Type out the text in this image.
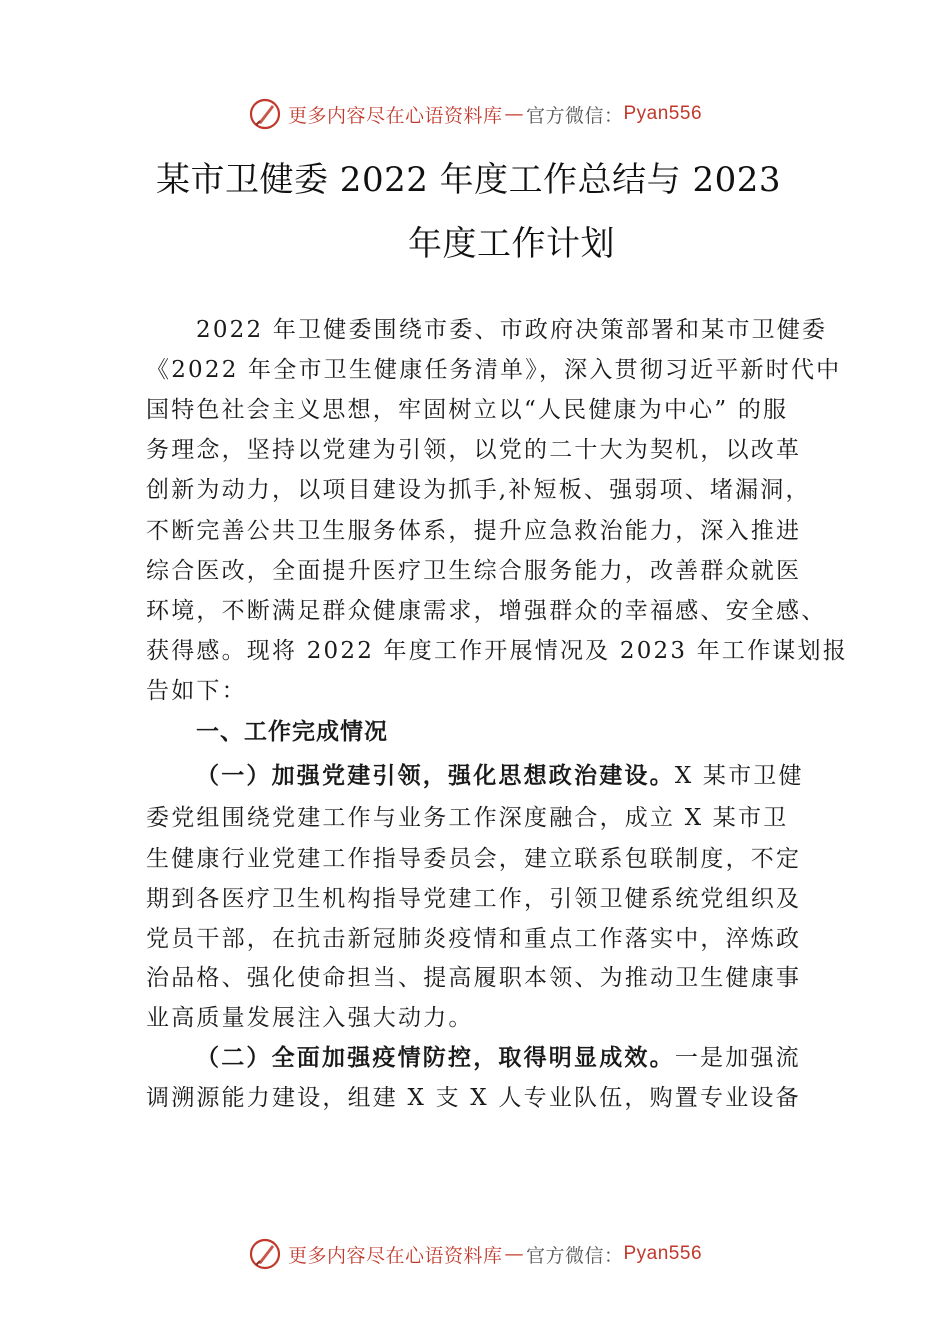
更多内容尽在心语资料库 — 官方微信： Pyan556
某市卫健委 2022 年度工作总结与 2023
年度工作计划
2022 年卫健委围绕市委、市政府决策部署和某市卫健委
《2022 年全市卫生健康任务清单》，深入贯彻习近平新时代中
国特色社会主义思想，牢固树立以“人民健康为中心” 的服
务理念，坚持以党建为引领，以党的二十大为契机，以改革
创新为动力，以项目建设为抓手,补短板、强弱项、堵漏洞，
不断完善公共卫生服务体系，提升应急救治能力，深入推进
综合医改，全面提升医疗卫生综合服务能力，改善群众就医
环境，不断满足群众健康需求，增强群众的幸福感、安全感、
获得感。现将 2022 年度工作开展情况及 2023 年工作谋划报
告如下：
一、工作完成情况
（一）加强党建引领，强化思想政治建设。X 某市卫健
委党组围绕党建工作与业务工作深度融合，成立 X 某市卫
生健康行业党建工作指导委员会，建立联系包联制度，不定
期到各医疗卫生机构指导党建工作，引领卫健系统党组织及
党员干部，在抗击新冠肺炎疫情和重点工作落实中，淬炼政
治品格、强化使命担当、提高履职本领、为推动卫生健康事
业高质量发展注入强大动力。
（二）全面加强疫情防控，取得明显成效。一是加强流
调溯源能力建设，组建 X 支 X 人专业队伍，购置专业设备
更多内容尽在心语资料库 — 官方微信： Pyan556
